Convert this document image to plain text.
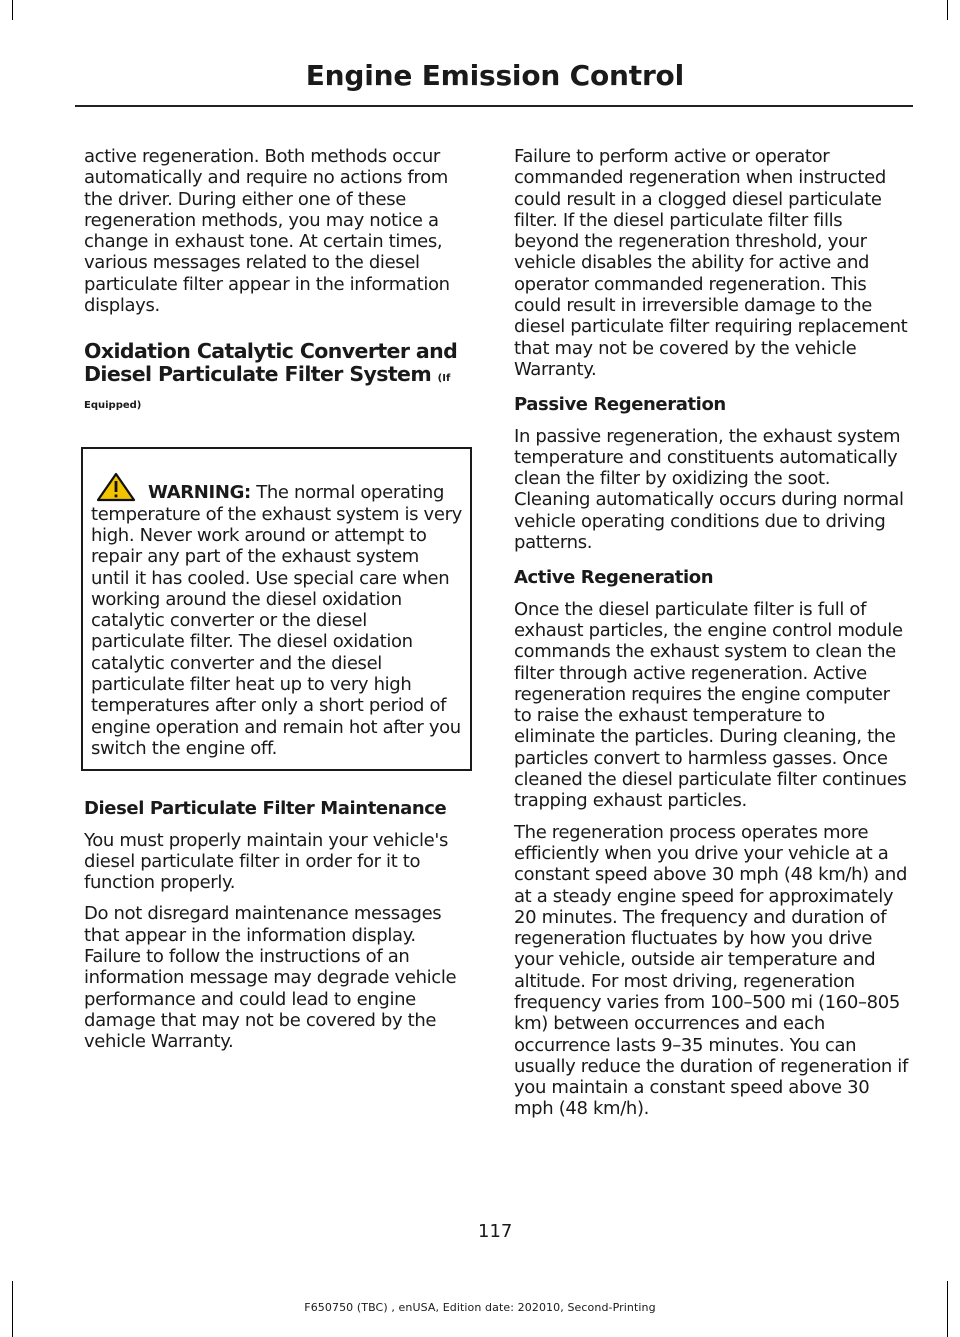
Engine Emission Control

active regeneration. Both methods occur automatically and require no actions from the driver. During either one of these regeneration methods, you may notice a change in exhaust tone. At certain times, various messages related to the diesel particulate filter appear in the information displays.

Oxidation Catalytic Converter and Diesel Particulate Filter System (If Equipped)
WARNING: The normal operating temperature of the exhaust system is very high. Never work around or attempt to repair any part of the exhaust system until it has cooled. Use special care when working around the diesel oxidation catalytic converter or the diesel particulate filter. The diesel oxidation catalytic converter and the diesel particulate filter heat up to very high temperatures after only a short period of engine operation and remain hot after you switch the engine off.
Diesel Particulate Filter Maintenance

You must properly maintain your vehicle's diesel particulate filter in order for it to function properly.

Do not disregard maintenance messages that appear in the information display. Failure to follow the instructions of an information message may degrade vehicle performance and could lead to engine damage that may not be covered by the vehicle Warranty.

Failure to perform active or operator commanded regeneration when instructed could result in a clogged diesel particulate filter. If the diesel particulate filter fills beyond the regeneration threshold, your vehicle disables the ability for active and operator commanded regeneration. This could result in irreversible damage to the diesel particulate filter requiring replacement that may not be covered by the vehicle Warranty.

Passive Regeneration

In passive regeneration, the exhaust system temperature and constituents automatically clean the filter by oxidizing the soot. Cleaning automatically occurs during normal vehicle operating conditions due to driving patterns.

Active Regeneration

Once the diesel particulate filter is full of exhaust particles, the engine control module commands the exhaust system to clean the filter through active regeneration. Active regeneration requires the engine computer to raise the exhaust temperature to eliminate the particles. During cleaning, the particles convert to harmless gasses. Once cleaned the diesel particulate filter continues trapping exhaust particles.

The regeneration process operates more efficiently when you drive your vehicle at a constant speed above 30 mph (48 km/h) and at a steady engine speed for approximately 20 minutes. The frequency and duration of regeneration fluctuates by how you drive your vehicle, outside air temperature and altitude. For most driving, regeneration frequency varies from 100–500 mi (160–805 km) between occurrences and each occurrence lasts 9–35 minutes. You can usually reduce the duration of regeneration if you maintain a constant speed above 30 mph (48 km/h).

117
F650750 (TBC) , enUSA, Edition date: 202010, Second-Printing
